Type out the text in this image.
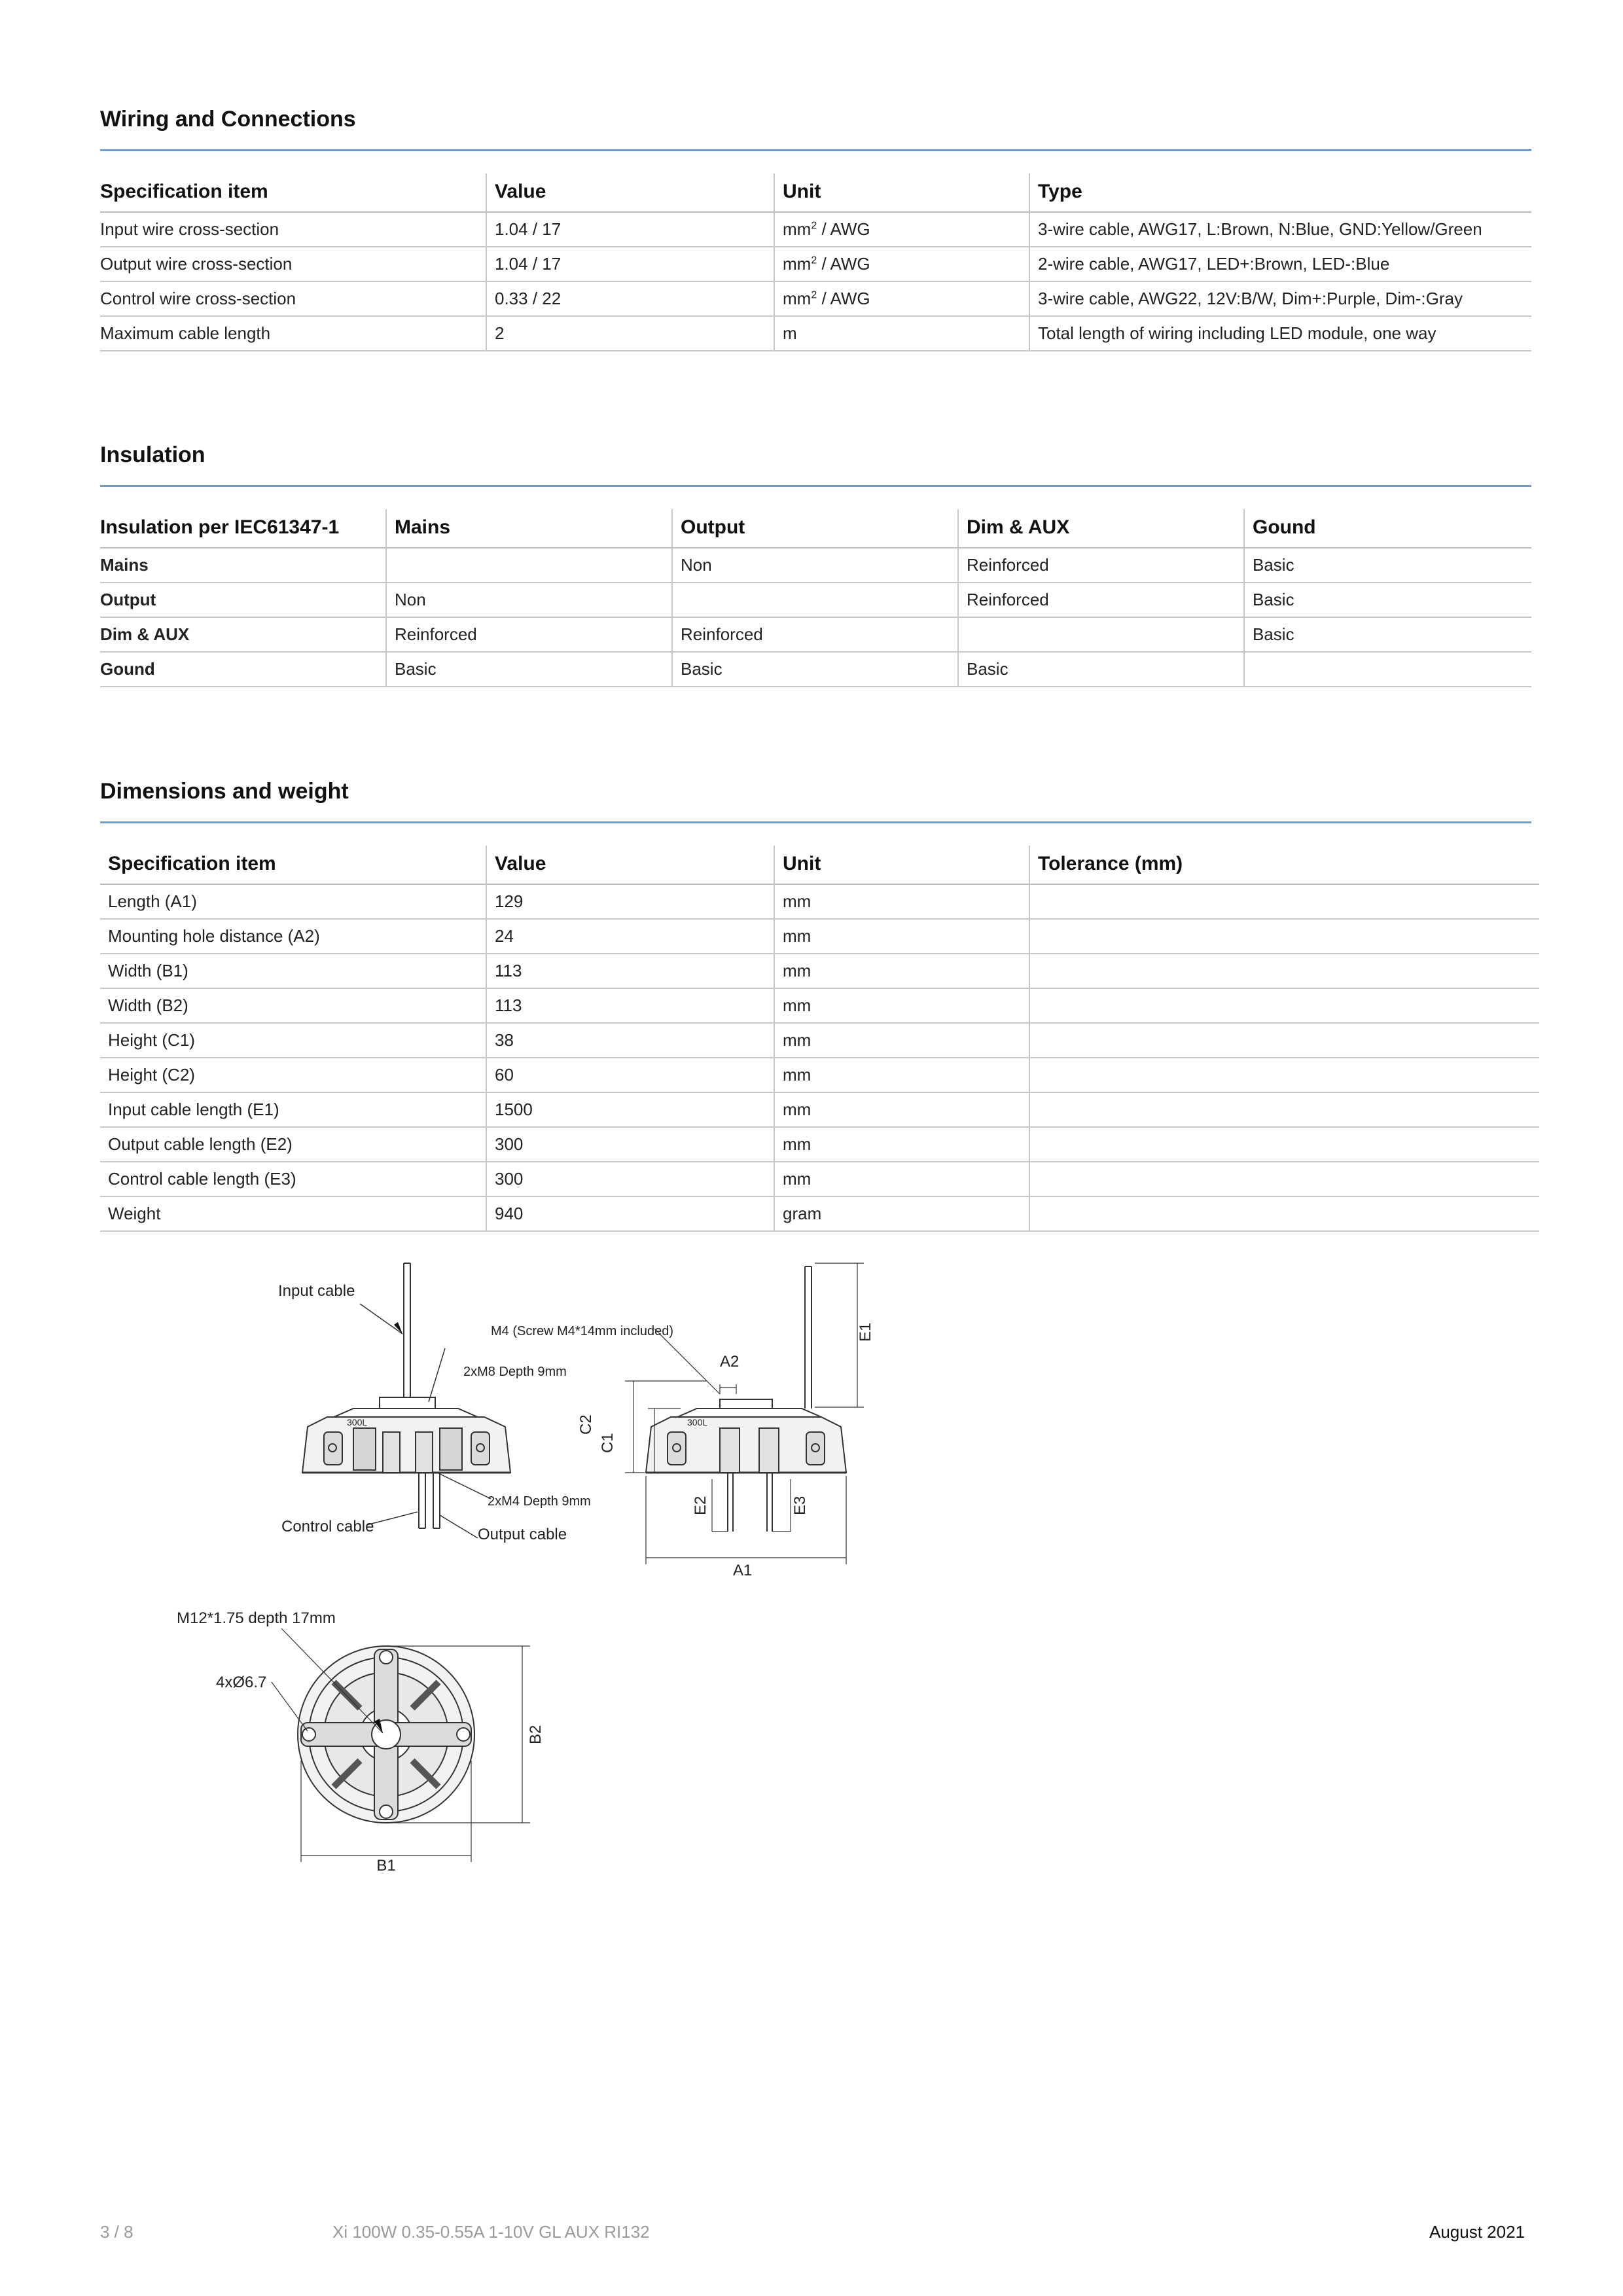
Wiring and Connections
Specification item	Value	Unit	Type
Input wire cross-section	1.04 / 17	$mm^2$ / AWG	3-wire cable, AWG17, L:Brown, N:Blue, GND:Yellow/Green
Output wire cross-section	1.04 / 17	$mm^2$ / AWG	2-wire cable, AWG17, LED+:Brown, LED-:Blue
Control wire cross-section	0.33 / 22	$mm^2$ / AWG	3-wire cable, AWG22, 12V:B/W, Dim+:Purple, Dim-:Gray
Maximum cable length	2	m	Total length of wiring including LED module, one way
Insulation
Insulation per IEC61347-1	Mains	Output	Dim & AUX	Gound
Mains		Non	Reinforced	Basic
Output	Non		Reinforced	Basic
Dim & AUX	Reinforced	Reinforced		Basic
Gound	Basic	Basic	Basic	
Dimensions and weight
Specification item	Value	Unit	Tolerance (mm)
Length (A1)	129	mm	
Mounting hole distance (A2)	24	mm	
Width (B1)	113	mm	
Width (B2)	113	mm	
Height (C1)	38	mm	
Height (C2)	60	mm	
Input cable length (E1)	1500	mm	
Output cable length (E2)	300	mm	
Control cable length (E3)	300	mm	
Weight	940	gram	
300L	300L
Input cable
M4 (Screw M4*14mm included)
A2
2xM8 Depth 9mm
2xM4 Depth 9mm
Control cable	Output cable
A1
E1
C2
C1
E2	E3
M12*1.75 depth 17mm
4xØ6.7
B1
B2
3 / 8	Xi 100W 0.35-0.55A 1-10V GL AUX RI132	August 2021
